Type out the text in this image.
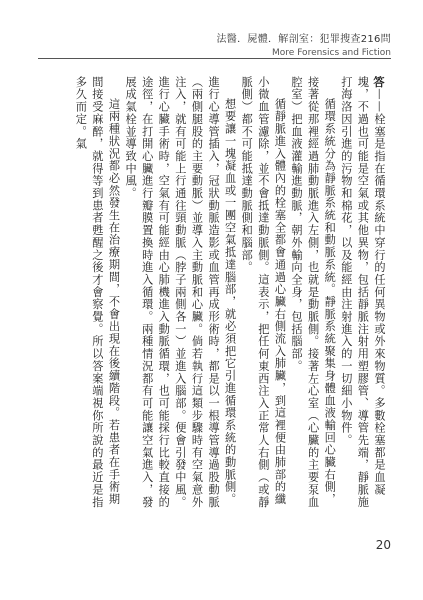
法醫．屍體．解剖室：犯罪搜查216問
More Forensics and Fiction

答——栓塞是指在循環系統中穿行的任何異物或外來物質。多數栓塞都是血凝塊，不過也可能是空氣或其他異物，包括靜脈注射用塑膠管、導管先端，靜脈施打海洛因引進的污物和棉花，以及能經由注射進入的一切細小物件。

循環系統分為靜脈系統和動脈系統。靜脈系統聚集身體血液輸回心臟右側，接著從那裡經過肺動脈進入左側，也就是動脈側。接著左心室（心臟的主要泵血腔室）把血液灌輸進動脈，朝外輸向全身，包括腦部。

循靜脈進入體內的栓塞全都會通過心臟右側流入肺臟，到這裡便由肺部的纖小微血管濾除，並不會抵達動脈側。這表示，把任何東西注入正常人右側（或靜脈側）都不可能抵達動脈側和腦部。

想要讓一塊凝血或一團空氣抵達腦部，就必須把它引進循環系統的動脈側。進行心導管插入，冠狀動脈造影或血管再成形術時，都是以一根導管導過股動脈（兩側腿股的主要動脈）並導入主動脈和心臟。倘若執行這類步驟時有空氣意外注入，就有可能上行通往頸動脈（脖子兩側各一）並進入腦部。便會引發中風。進行心臟手術時，空氣有可能經由心肺機進入動脈循環，也可能採行比較直接的途徑，在打開心臟進行瓣膜置換時進入循環。兩種情況都有可能讓空氣進入，發展成氣栓並導致中風。

這兩種狀況都必然發生在治療期間，不會出現在後續階段。若患者在手術期間接受麻醉，就得等到患者甦醒之後才會察覺。所以答案端視你所說的最近是指多久而定。氣

20
